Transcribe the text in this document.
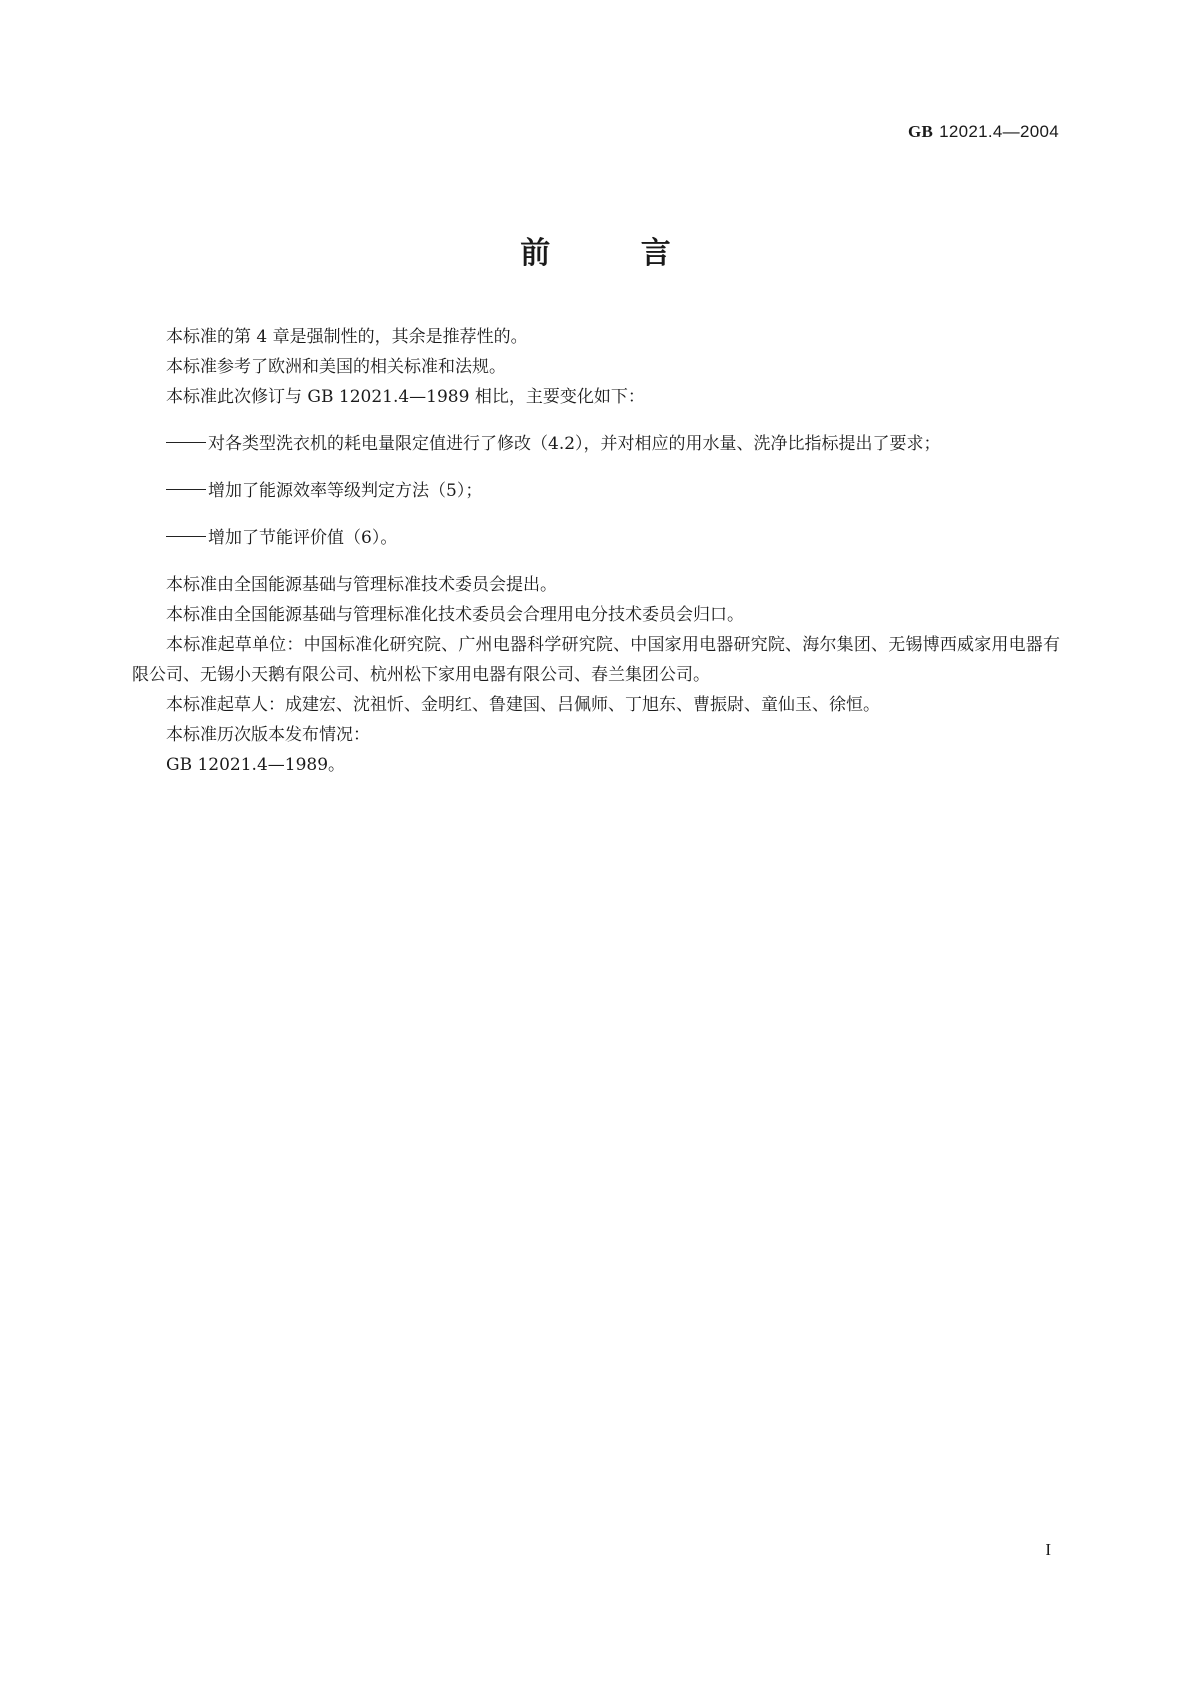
GB 12021.4—2004
前 言

本标准的第 4 章是强制性的，其余是推荐性的。

本标准参考了欧洲和美国的相关标准和法规。

本标准此次修订与 GB 12021.4—1989 相比，主要变化如下：

对各类型洗衣机的耗电量限定值进行了修改（4.2），并对相应的用水量、洗净比指标提出了要求；

增加了能源效率等级判定方法（5）；

增加了节能评价值（6）。

本标准由全国能源基础与管理标准技术委员会提出。

本标准由全国能源基础与管理标准化技术委员会合理用电分技术委员会归口。

本标准起草单位：中国标准化研究院、广州电器科学研究院、中国家用电器研究院、海尔集团、无锡博西威家用电器有限公司、无锡小天鹅有限公司、杭州松下家用电器有限公司、春兰集团公司。

本标准起草人：成建宏、沈祖忻、金明红、鲁建国、吕佩师、丁旭东、曹振尉、童仙玉、徐恒。

本标准历次版本发布情况：

GB 12021.4—1989。

I
